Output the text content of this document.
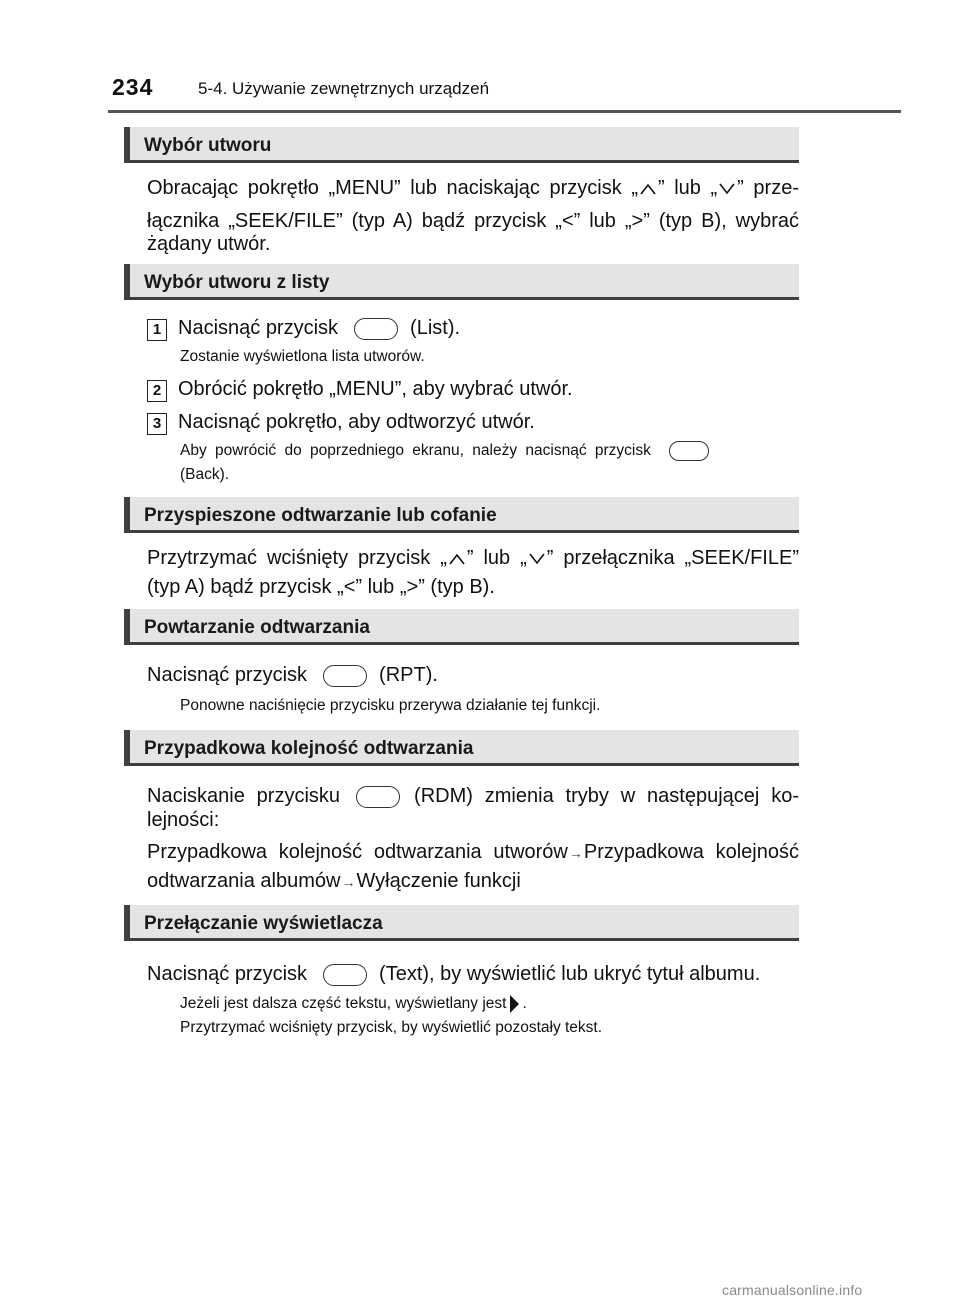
234	5-4. Używanie zewnętrznych urządzeń
Wybór utworu
Obracając pokrętło „MENU” lub naciskając przycisk „ ” lub „ ” prze-
łącznika „SEEK/FILE” (typ A) bądź przycisk „<” lub „>” (typ B), wybrać
żądany utwór.
Wybór utworu z listy
1 Nacisnąć przycisk	(List).
Zostanie wyświetlona lista utworów.
2 Obrócić pokrętło „MENU”, aby wybrać utwór.
3 Nacisnąć pokrętło, aby odtworzyć utwór.
Aby powrócić do poprzedniego ekranu, należy nacisnąć przycisk
(Back).
Przyspieszone odtwarzanie lub cofanie
Przytrzymać wciśnięty przycisk „ ” lub „ ” przełącznika „SEEK/FILE”
(typ A) bądź przycisk „<” lub „>” (typ B).
Powtarzanie odtwarzania
Nacisnąć przycisk	(RPT).
Ponowne naciśnięcie przycisku przerywa działanie tej funkcji.
Przypadkowa kolejność odtwarzania
Naciskanie przycisku	(RDM) zmienia tryby w następującej ko-
lejności:
Przypadkowa kolejność odtwarzania utworów→Przypadkowa kolejność
odtwarzania albumów→Wyłączenie funkcji
Przełączanie wyświetlacza
Nacisnąć przycisk	(Text), by wyświetlić lub ukryć tytuł albumu.
Jeżeli jest dalsza część tekstu, wyświetlany jest .
Przytrzymać wciśnięty przycisk, by wyświetlić pozostały tekst.
carmanualsonline.info
